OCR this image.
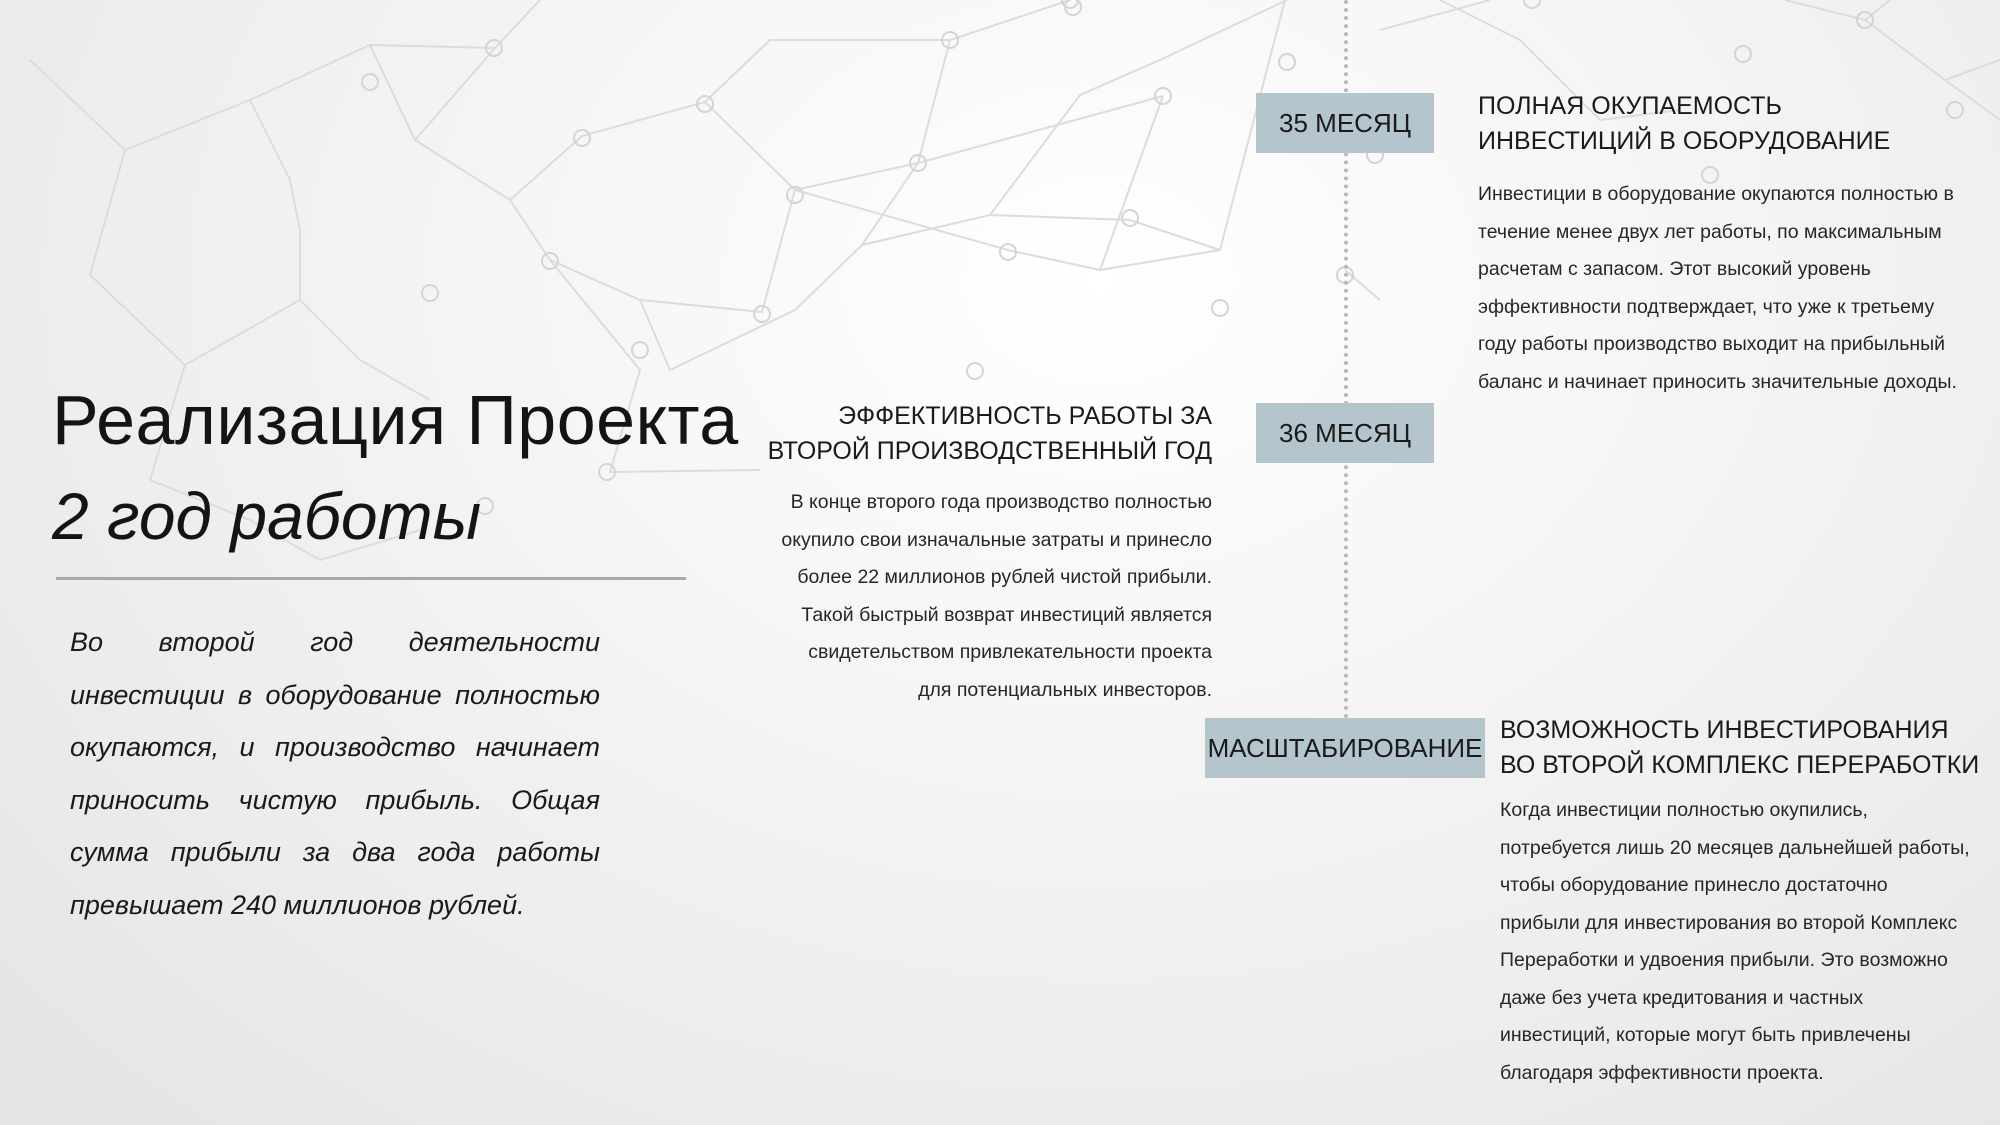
Реализация Проекта
2 год работы

Во второй год деятельности инвестиции в оборудование полностью окупаются, и производство начинает приносить чистую прибыль. Общая сумма прибыли за два года работы превышает 240 миллионов рублей.

35 МЕСЯЦ
ПОЛНАЯ ОКУПАЕМОСТЬ
ИНВЕСТИЦИЙ В ОБОРУДОВАНИЕ

Инвестиции в оборудование окупаются полностью в
течение менее двух лет работы, по максимальным
расчетам с запасом. Этот высокий уровень
эффективности подтверждает, что уже к третьему
году работы производство выходит на прибыльный
баланс и начинает приносить значительные доходы.

36 МЕСЯЦ
ЭФФЕКТИВНОСТЬ РАБОТЫ ЗА
ВТОРОЙ ПРОИЗВОДСТВЕННЫЙ ГОД

В конце второго года производство полностью
окупило свои изначальные затраты и принесло
более 22 миллионов рублей чистой прибыли.
Такой быстрый возврат инвестиций является
свидетельством привлекательности проекта
для потенциальных инвесторов.

МАСШТАБИРОВАНИЕ
ВОЗМОЖНОСТЬ ИНВЕСТИРОВАНИЯ
ВО ВТОРОЙ КОМПЛЕКС ПЕРЕРАБОТКИ

Когда инвестиции полностью окупились,
потребуется лишь 20 месяцев дальнейшей работы,
чтобы оборудование принесло достаточно
прибыли для инвестирования во второй Комплекс
Переработки и удвоения прибыли. Это возможно
даже без учета кредитования и частных
инвестиций, которые могут быть привлечены
благодаря эффективности проекта.
